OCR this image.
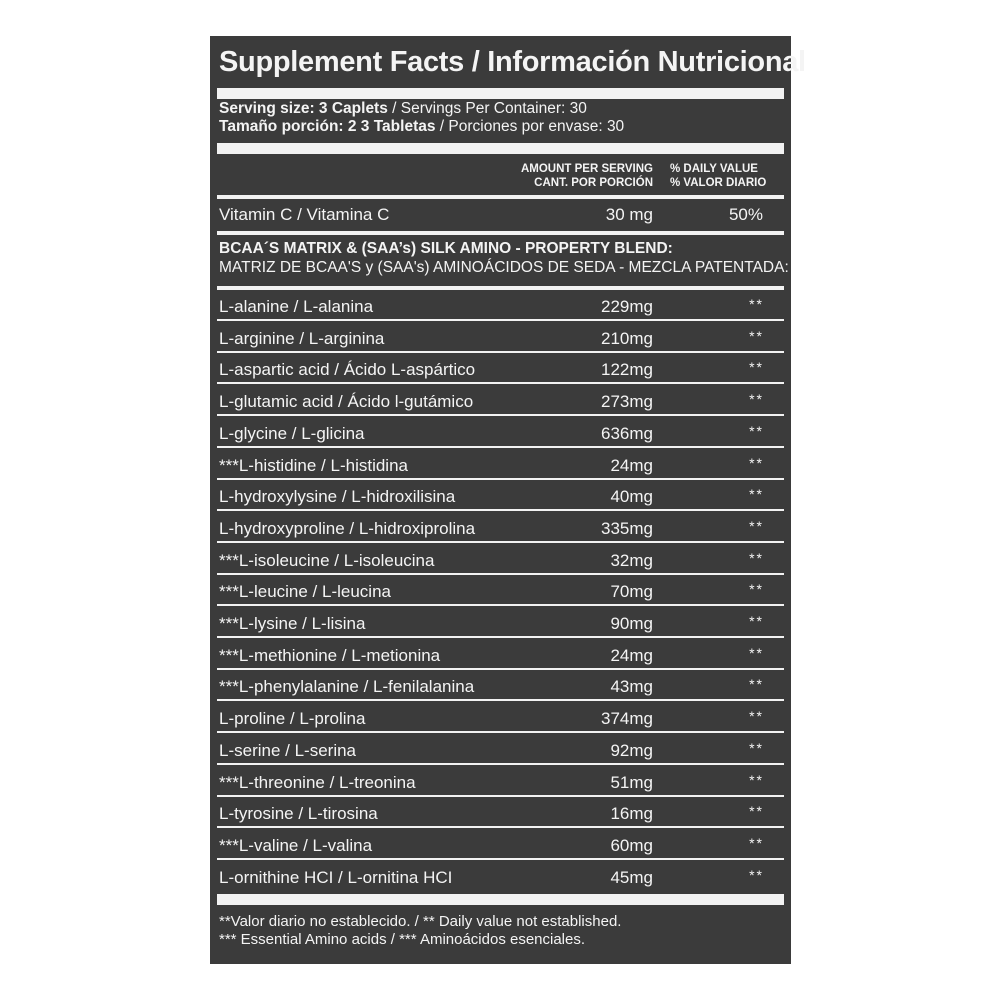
Supplement Facts / Información Nutricional
Serving size: 3 Caplets / Servings Per Container: 30
Tamaño porción: 2 3 Tabletas / Porciones por envase: 30
AMOUNT PER SERVING
CANT. POR PORCIÓN
% DAILY VALUE
% VALOR DIARIO
Vitamin C / Vitamina C	30 mg	50%
BCAA´S MATRIX & (SAA’s) SILK AMINO - PROPERTY BLEND:
MATRIZ DE BCAA'S y (SAA's) AMINOÁCIDOS DE SEDA - MEZCLA PATENTADA:
L-alanine / L-alanina	229mg	**
L-arginine / L-arginina	210mg	**
L-aspartic acid / Ácido L-aspártico	122mg	**
L-glutamic acid / Ácido l-gutámico	273mg	**
L-glycine / L-glicina	636mg	**
***L-histidine / L-histidina	24mg	**
L-hydroxylysine / L-hidroxilisina	40mg	**
L-hydroxyproline / L-hidroxiprolina	335mg	**
***L-isoleucine / L-isoleucina	32mg	**
***L-leucine / L-leucina	70mg	**
***L-lysine / L-lisina	90mg	**
***L-methionine / L-metionina	24mg	**
***L-phenylalanine / L-fenilalanina	43mg	**
L-proline / L-prolina	374mg	**
L-serine / L-serina	92mg	**
***L-threonine / L-treonina	51mg	**
L-tyrosine / L-tirosina	16mg	**
***L-valine / L-valina	60mg	**
L-ornithine HCI / L-ornitina HCI	45mg	**
**Valor diario no establecido. / ** Daily value not established.
*** Essential Amino acids / *** Aminoácidos esenciales.
